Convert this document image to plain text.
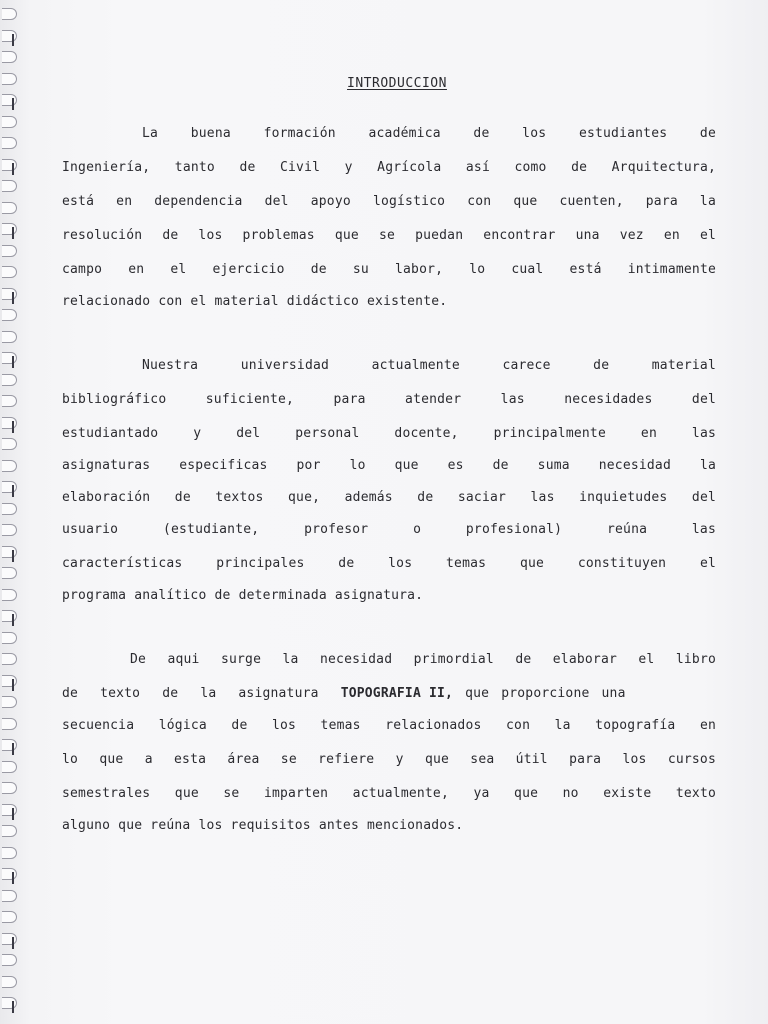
INTRODUCCION
La buena formación académica de los estudiantes de
Ingeniería, tanto de Civil y Agrícola así como de Arquitectura,
está en dependencia del apoyo logístico con que cuenten, para la
resolución de los problemas que se puedan encontrar una vez en el
campo en el ejercicio de su labor, lo cual está intimamente
relacionado con el material didáctico existente.
Nuestra universidad actualmente carece de material
bibliográfico suficiente, para atender las necesidades del
estudiantado y del personal docente, principalmente en las
asignaturas especificas por lo que es de suma necesidad la
elaboración de textos que, además de saciar las inquietudes del
usuario (estudiante, profesor o profesional) reúna las
características principales de los temas que constituyen el
programa analítico de determinada asignatura.
De aqui surge la necesidad primordial de elaborar el libro
de texto de la asignatura TOPOGRAFIA II, que proporcione una
secuencia lógica de los temas relacionados con la topografía en
lo que a esta área se refiere y que sea útil para los cursos
semestrales que se imparten actualmente, ya que no existe texto
alguno que reúna los requisitos antes mencionados.
